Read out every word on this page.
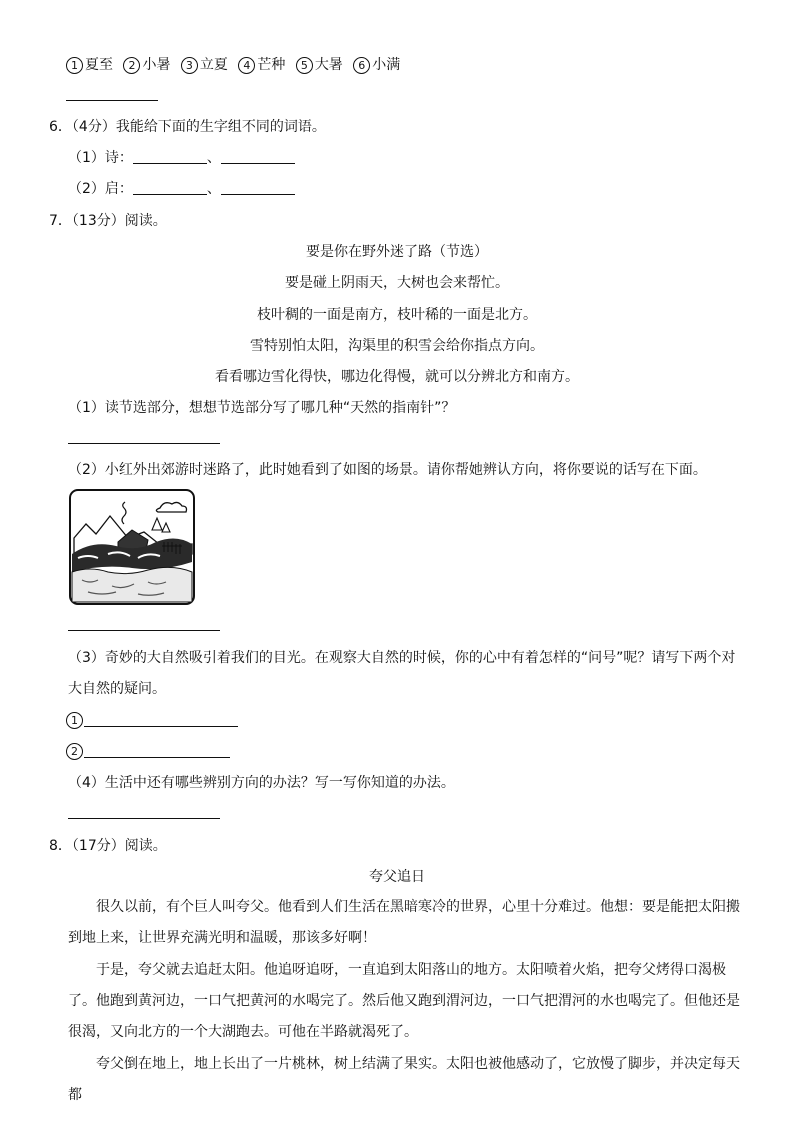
1 夏至 2 小暑 3 立夏 4 芒种 5 大暑 6 小满
6．（4分）我能给下面的生字组不同的词语。
（1）诗：	、
（2）启：	、
7．（13分）阅读。
要是你在野外迷了路（节选）
要是碰上阴雨天，大树也会来帮忙。
枝叶稠的一面是南方，枝叶稀的一面是北方。
雪特别怕太阳，沟渠里的积雪会给你指点方向。
看看哪边雪化得快，哪边化得慢，就可以分辨北方和南方。
（1）读节选部分，想想节选部分写了哪几种“天然的指南针”？
（2）小红外出郊游时迷路了，此时她看到了如图的场景。请你帮她辨认方向，将你要说的话写在下面。
（3）奇妙的大自然吸引着我们的目光。在观察大自然的时候，你的心中有着怎样的“问号”呢？请写下两个对
大自然的疑问。
1
2
（4）生活中还有哪些辨别方向的办法？写一写你知道的办法。
8．（17分）阅读。
夸父追日
很久以前，有个巨人叫夸父。他看到人们生活在黑暗寒冷的世界，心里十分难过。他想：要是能把太阳搬到地上来，让世界充满光明和温暖，那该多好啊！
于是，夸父就去追赶太阳。他追呀追呀，一直追到太阳落山的地方。太阳喷着火焰，把夸父烤得口渴极了。他跑到黄河边，一口气把黄河的水喝完了。然后他又跑到渭河边，一口气把渭河的水也喝完了。但他还是很渴，又向北方的一个大湖跑去。可他在半路就渴死了。
夸父倒在地上，地上长出了一片桃林，树上结满了果实。太阳也被他感动了，它放慢了脚步，并决定每天都
